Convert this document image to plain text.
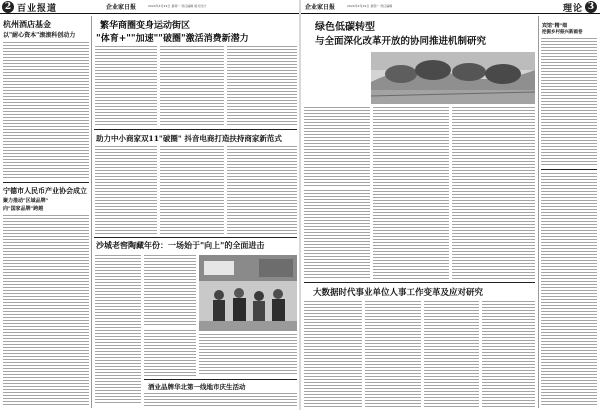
2 百业报道	企业家日报	2024年4月29日 星期一 责任编辑 版式设计
杭州酒店基金
以"耐心资本"滚滚科创动力
宁德市人民币产业协会成立
聚力推动"区域品牌"
向"国家品牌"跨越
繁华商圈变身运动街区
"体育+""加速""破圈"激活消费新潜力
助力中小商家双11"破圈" 抖音电商打造扶持商家新范式
沙城老窖陶藏年份：一场始于"向上"的全面进击
酒业品牌华北第一线地市庆生活动
企业家日报	2024年4月29日 星期一 责任编辑	理论 3
绿色低碳转型
与全面深化改革开放的协同推进机制研究
大数据时代事业单位人事工作变革及应对研究
宾馆"精"细
挖掘乡村振兴新画卷
